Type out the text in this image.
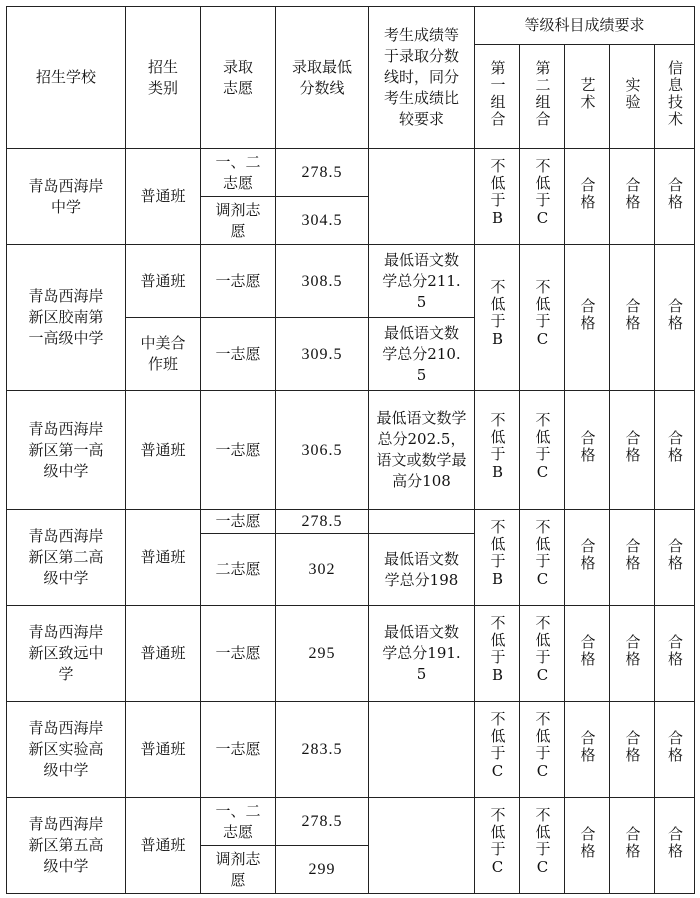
招生学校	招生类别	录取志愿	录取最低分数线	考生成绩等于录取分数线时，同分考生成绩比较要求	等级科目成绩要求				
					第一组合	第二组合	艺术	实验	信息技术
青岛西海岸中学	普通班	一、二志愿	278.5		不低于B	不低于C	合格	合格	合格
		调剂志愿	304.5						
青岛西海岸新区胶南第一高级中学	普通班	一志愿	308.5	最低语文数学总分211.5	不低于B	不低于C	合格	合格	合格
	中美合作班	一志愿	309.5	最低语文数学总分210.5					
青岛西海岸新区第一高级中学	普通班	一志愿	306.5	最低语文数学总分202.5，语文或数学最高分108	不低于B	不低于C	合格	合格	合格
青岛西海岸新区第二高级中学	普通班	一志愿	278.5		不低于B	不低于C	合格	合格	合格
		二志愿	302	最低语文数学总分198					
青岛西海岸新区致远中学	普通班	一志愿	295	最低语文数学总分191.5	不低于B	不低于C	合格	合格	合格
青岛西海岸新区实验高级中学	普通班	一志愿	283.5		不低于C	不低于C	合格	合格	合格
青岛西海岸新区第五高级中学	普通班	一、二志愿	278.5		不低于C	不低于C	合格	合格	合格
		调剂志愿	299						
